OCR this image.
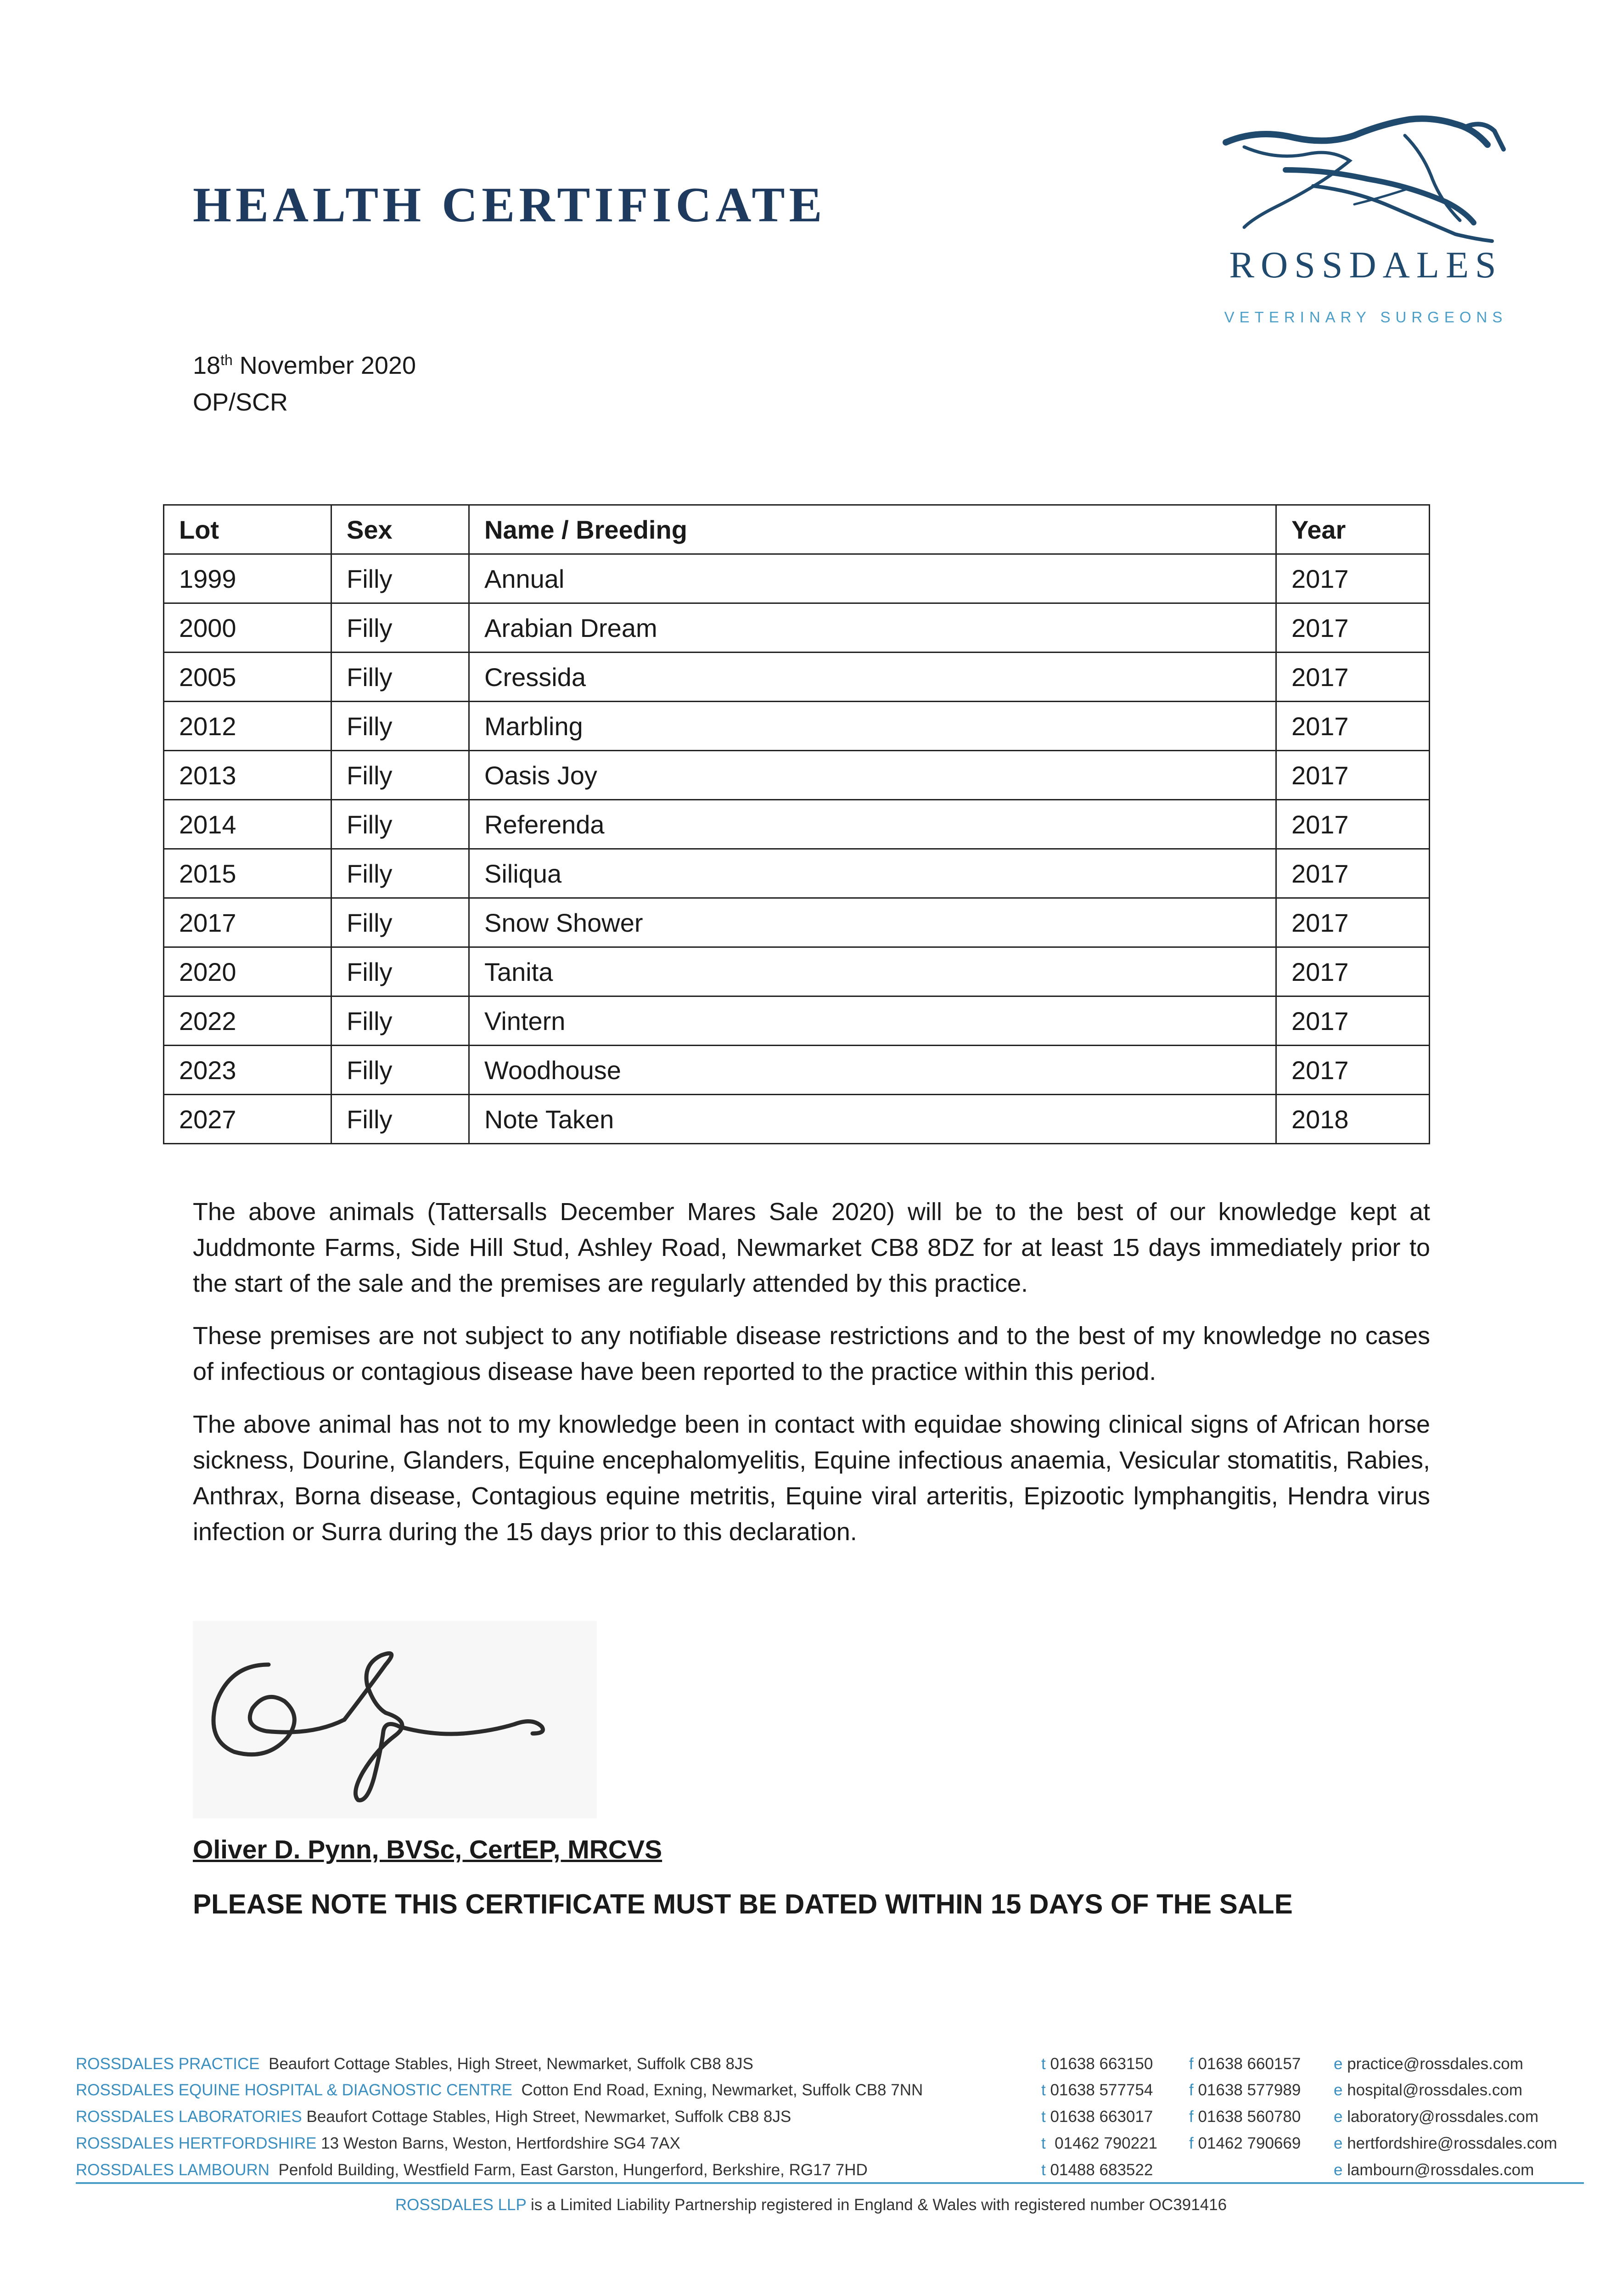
HEALTH CERTIFICATE
ROSSDALES
VETERINARY SURGEONS
18th November 2020
OP/SCR
Lot	Sex	Name / Breeding	Year
1999	Filly	Annual	2017
2000	Filly	Arabian Dream	2017
2005	Filly	Cressida	2017
2012	Filly	Marbling	2017
2013	Filly	Oasis Joy	2017
2014	Filly	Referenda	2017
2015	Filly	Siliqua	2017
2017	Filly	Snow Shower	2017
2020	Filly	Tanita	2017
2022	Filly	Vintern	2017
2023	Filly	Woodhouse	2017
2027	Filly	Note Taken	2018
The above animals (Tattersalls December Mares Sale 2020) will be to the best of our knowledge kept at Juddmonte Farms, Side Hill Stud, Ashley Road, Newmarket CB8 8DZ for at least 15 days immediately prior to the start of the sale and the premises are regularly attended by this practice.
These premises are not subject to any notifiable disease restrictions and to the best of my knowledge no cases of infectious or contagious disease have been reported to the practice within this period.
The above animal has not to my knowledge been in contact with equidae showing clinical signs of African horse sickness, Dourine, Glanders, Equine encephalomyelitis, Equine infectious anaemia, Vesicular stomatitis, Rabies, Anthrax, Borna disease, Contagious equine metritis, Equine viral arteritis, Epizootic lymphangitis, Hendra virus infection or Surra during the 15 days prior to this declaration.
Oliver D. Pynn, BVSc, CertEP, MRCVS
PLEASE NOTE THIS CERTIFICATE MUST BE DATED WITHIN 15 DAYS OF THE SALE
ROSSDALES PRACTICE  Beaufort Cottage Stables, High Street, Newmarket, Suffolk CB8 8JS	t 01638 663150 f 01638 660157 e practice@rossdales.com
ROSSDALES EQUINE HOSPITAL & DIAGNOSTIC CENTRE  Cotton End Road, Exning, Newmarket, Suffolk CB8 7NN	t 01638 577754 f 01638 577989 e hospital@rossdales.com
ROSSDALES LABORATORIES Beaufort Cottage Stables, High Street, Newmarket, Suffolk CB8 8JS	t 01638 663017 f 01638 560780 e laboratory@rossdales.com
ROSSDALES HERTFORDSHIRE 13 Weston Barns, Weston, Hertfordshire SG4 7AX	t  01462 790221 f 01462 790669 e hertfordshire@rossdales.com
ROSSDALES LAMBOURN  Penfold Building, Westfield Farm, East Garston, Hungerford, Berkshire, RG17 7HD	t 01488 683522	e lambourn@rossdales.com
ROSSDALES LLP is a Limited Liability Partnership registered in England & Wales with registered number OC391416
